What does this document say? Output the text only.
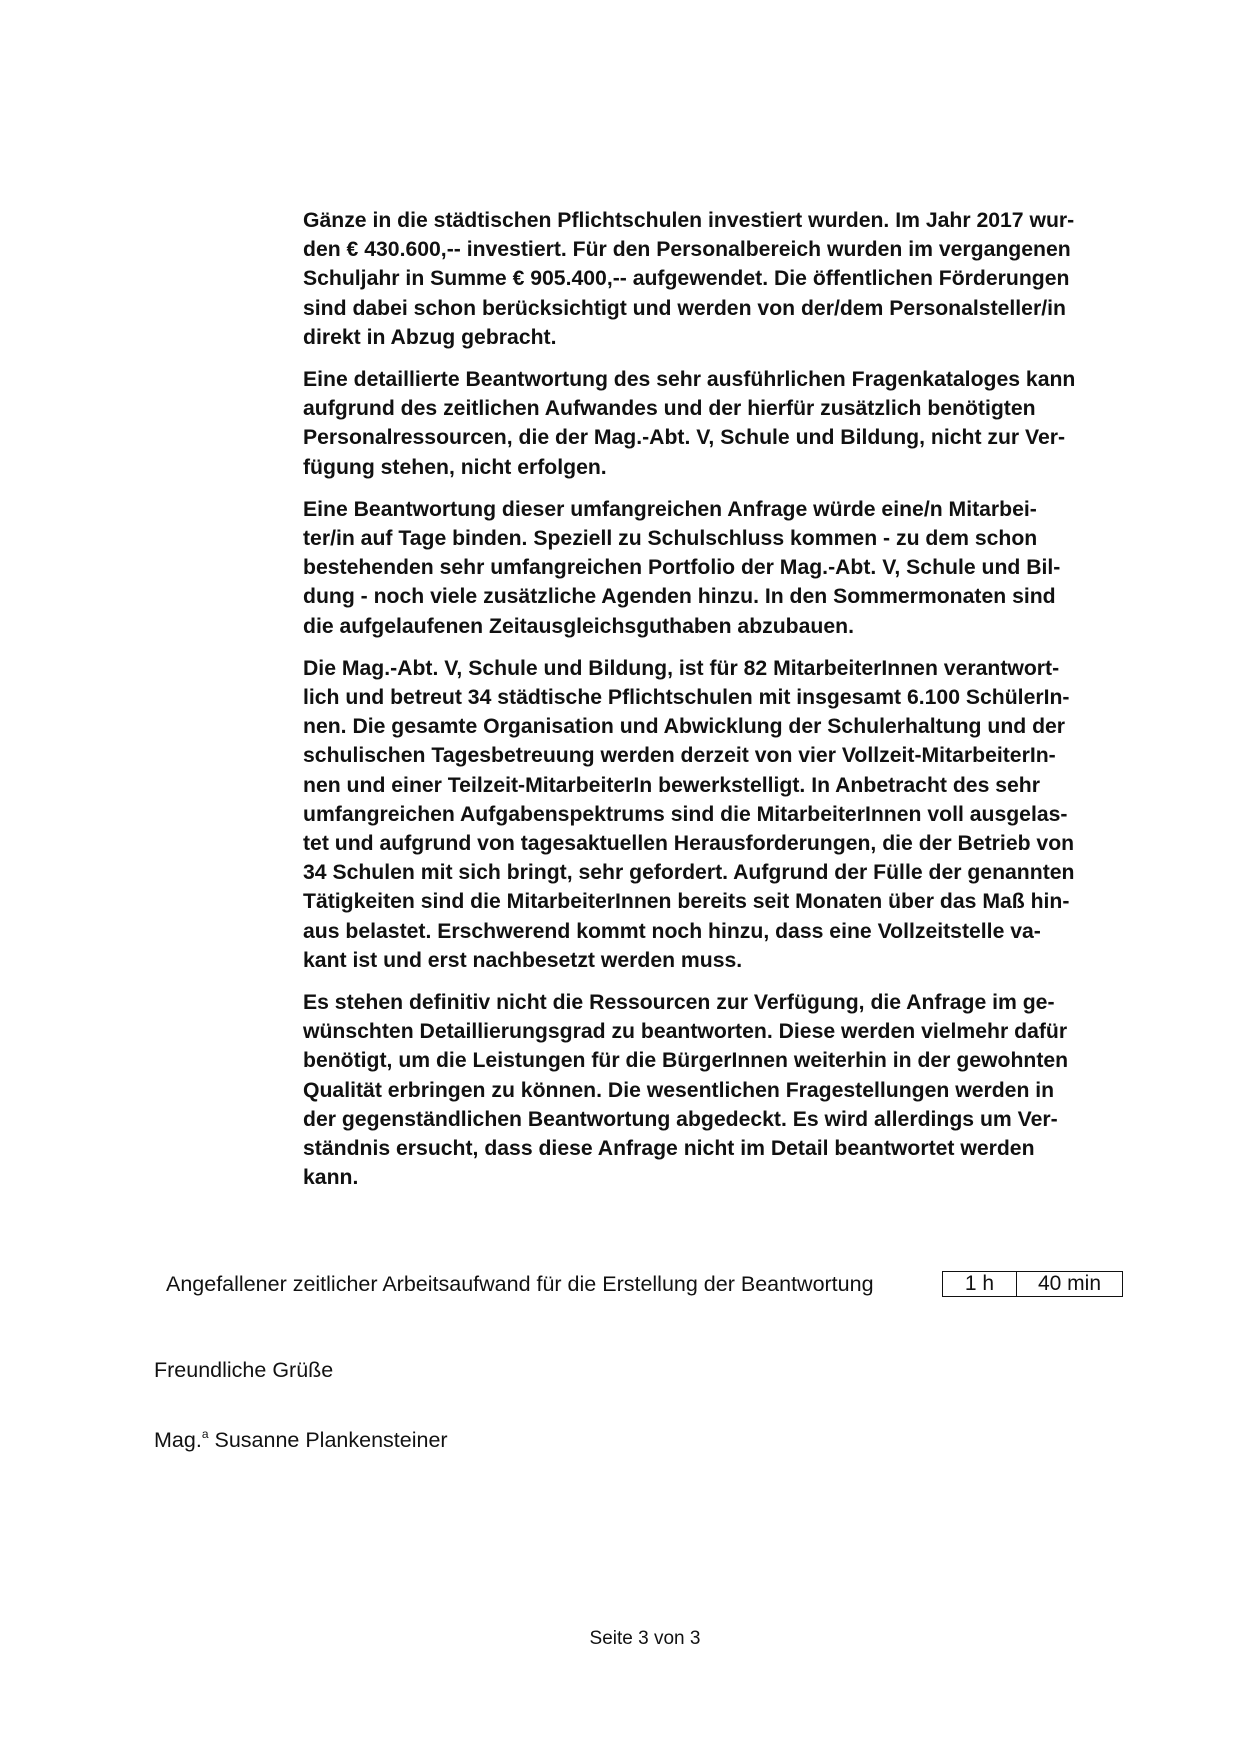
Gänze in die städtischen Pflichtschulen investiert wurden. Im Jahr 2017 wur-
den € 430.600,-- investiert. Für den Personalbereich wurden im vergangenen
Schuljahr in Summe € 905.400,-- aufgewendet. Die öffentlichen Förderungen
sind dabei schon berücksichtigt und werden von der/dem Personalsteller/in
direkt in Abzug gebracht.

Eine detaillierte Beantwortung des sehr ausführlichen Fragenkataloges kann
aufgrund des zeitlichen Aufwandes und der hierfür zusätzlich benötigten
Personalressourcen, die der Mag.-Abt. V, Schule und Bildung, nicht zur Ver-
fügung stehen, nicht erfolgen.

Eine Beantwortung dieser umfangreichen Anfrage würde eine/n Mitarbei-
ter/in auf Tage binden. Speziell zu Schulschluss kommen - zu dem schon
bestehenden sehr umfangreichen Portfolio der Mag.-Abt. V, Schule und Bil-
dung - noch viele zusätzliche Agenden hinzu. In den Sommermonaten sind
die aufgelaufenen Zeitausgleichsguthaben abzubauen.

Die Mag.-Abt. V, Schule und Bildung, ist für 82 MitarbeiterInnen verantwort-
lich und betreut 34 städtische Pflichtschulen mit insgesamt 6.100 SchülerIn-
nen. Die gesamte Organisation und Abwicklung der Schulerhaltung und der
schulischen Tagesbetreuung werden derzeit von vier Vollzeit-MitarbeiterIn-
nen und einer Teilzeit-MitarbeiterIn bewerkstelligt. In Anbetracht des sehr
umfangreichen Aufgabenspektrums sind die MitarbeiterInnen voll ausgelas-
tet und aufgrund von tagesaktuellen Herausforderungen, die der Betrieb von
34 Schulen mit sich bringt, sehr gefordert. Aufgrund der Fülle der genannten
Tätigkeiten sind die MitarbeiterInnen bereits seit Monaten über das Maß hin-
aus belastet. Erschwerend kommt noch hinzu, dass eine Vollzeitstelle va-
kant ist und erst nachbesetzt werden muss.

Es stehen definitiv nicht die Ressourcen zur Verfügung, die Anfrage im ge-
wünschten Detaillierungsgrad zu beantworten. Diese werden vielmehr dafür
benötigt, um die Leistungen für die BürgerInnen weiterhin in der gewohnten
Qualität erbringen zu können. Die wesentlichen Fragestellungen werden in
der gegenständlichen Beantwortung abgedeckt. Es wird allerdings um Ver-
ständnis ersucht, dass diese Anfrage nicht im Detail beantwortet werden
kann.

Angefallener zeitlicher Arbeitsaufwand für die Erstellung der Beantwortung	1 h	40 min
Freundliche Grüße
Mag.$^a$ Susanne Plankensteiner
Seite 3 von 3
